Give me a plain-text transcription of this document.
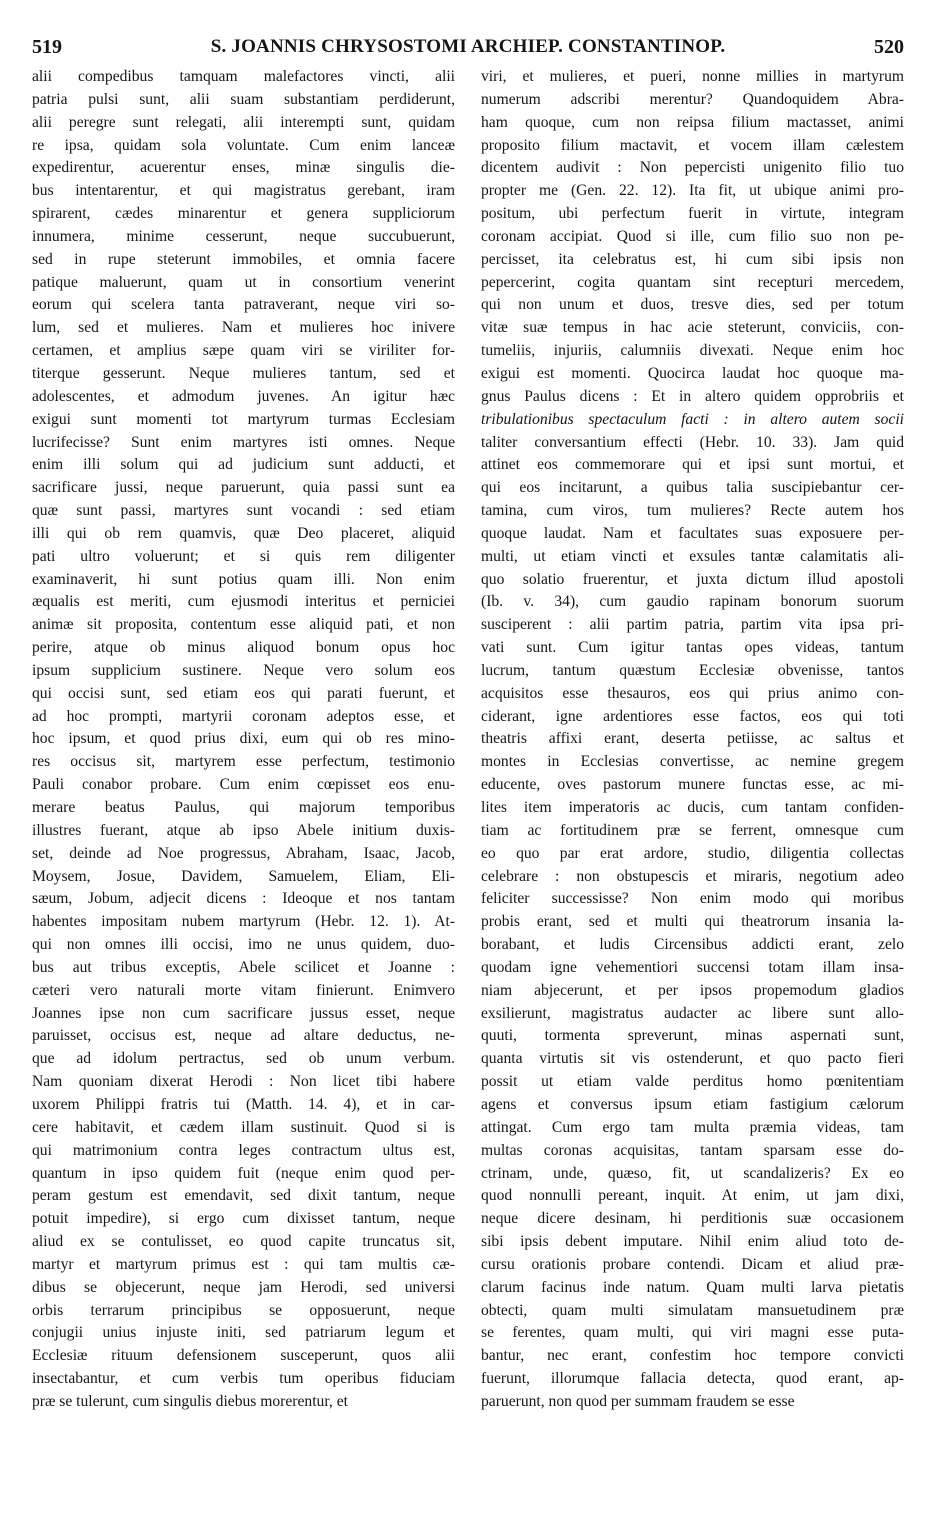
519	S. JOANNIS CHRYSOSTOMI ARCHIEP. CONSTANTINOP.	520
alii compedibus tamquam malefactores vincti, alii
patria pulsi sunt, alii suam substantiam perdiderunt,
alii peregre sunt relegati, alii interempti sunt, quidam
re ipsa, quidam sola voluntate. Cum enim lanceæ
expedirentur, acuerentur enses, minæ singulis die-
bus intentarentur, et qui magistratus gerebant, iram
spirarent, cædes minarentur et genera suppliciorum
innumera, minime cesserunt, neque succubuerunt,
sed in rupe steterunt immobiles, et omnia facere
patique maluerunt, quam ut in consortium venerint
eorum qui scelera tanta patraverant, neque viri so-
lum, sed et mulieres. Nam et mulieres hoc inivere
certamen, et amplius sæpe quam viri se viriliter for-
titerque gesserunt. Neque mulieres tantum, sed et
adolescentes, et admodum juvenes. An igitur hæc
exigui sunt momenti tot martyrum turmas Ecclesiam
lucrifecisse? Sunt enim martyres isti omnes. Neque
enim illi solum qui ad judicium sunt adducti, et
sacrificare jussi, neque paruerunt, quia passi sunt ea
quæ sunt passi, martyres sunt vocandi : sed etiam
illi qui ob rem quamvis, quæ Deo placeret, aliquid
pati ultro voluerunt; et si quis rem diligenter
examinaverit, hi sunt potius quam illi. Non enim
æqualis est meriti, cum ejusmodi interitus et perniciei
animæ sit proposita, contentum esse aliquid pati, et non
perire, atque ob minus aliquod bonum opus hoc
ipsum supplicium sustinere. Neque vero solum eos
qui occisi sunt, sed etiam eos qui parati fuerunt, et
ad hoc prompti, martyrii coronam adeptos esse, et
hoc ipsum, et quod prius dixi, eum qui ob res mino-
res occisus sit, martyrem esse perfectum, testimonio
Pauli conabor probare. Cum enim cœpisset eos enu-
merare beatus Paulus, qui majorum temporibus
illustres fuerant, atque ab ipso Abele initium duxis-
set, deinde ad Noe progressus, Abraham, Isaac, Jacob,
Moysem, Josue, Davidem, Samuelem, Eliam, Eli-
sæum, Jobum, adjecit dicens : Ideoque et nos tantam
habentes impositam nubem martyrum (Hebr. 12. 1). At-
qui non omnes illi occisi, imo ne unus quidem, duo-
bus aut tribus exceptis, Abele scilicet et Joanne :
cæteri vero naturali morte vitam finierunt. Enimvero
Joannes ipse non cum sacrificare jussus esset, neque
paruisset, occisus est, neque ad altare deductus, ne-
que ad idolum pertractus, sed ob unum verbum.
Nam quoniam dixerat Herodi : Non licet tibi habere
uxorem Philippi fratris tui (Matth. 14. 4), et in car-
cere habitavit, et cædem illam sustinuit. Quod si is
qui matrimonium contra leges contractum ultus est,
quantum in ipso quidem fuit (neque enim quod per-
peram gestum est emendavit, sed dixit tantum, neque
potuit impedire), si ergo cum dixisset tantum, neque
aliud ex se contulisset, eo quod capite truncatus sit,
martyr et martyrum primus est : qui tam multis cæ-
dibus se objecerunt, neque jam Herodi, sed universi
orbis terrarum principibus se opposuerunt, neque
conjugii unius injuste initi, sed patriarum legum et
Ecclesiæ rituum defensionem susceperunt, quos alii
insectabantur, et cum verbis tum operibus fiduciam
præ se tulerunt, cum singulis diebus morerentur, et
viri, et mulieres, et pueri, nonne millies in martyrum
numerum adscribi merentur? Quandoquidem Abra-
ham quoque, cum non reipsa filium mactasset, animi
proposito filium mactavit, et vocem illam cælestem
dicentem audivit : Non pepercisti unigenito filio tuo
propter me (Gen. 22. 12). Ita fit, ut ubique animi pro-
positum, ubi perfectum fuerit in virtute, integram
coronam accipiat. Quod si ille, cum filio suo non pe-
percisset, ita celebratus est, hi cum sibi ipsis non
pepercerint, cogita quantam sint recepturi mercedem,
qui non unum et duos, tresve dies, sed per totum
vitæ suæ tempus in hac acie steterunt, conviciis, con-
tumeliis, injuriis, calumniis divexati. Neque enim hoc
exigui est momenti. Quocirca laudat hoc quoque ma-
gnus Paulus dicens : Et in altero quidem opprobriis et
tribulationibus spectaculum facti : in altero autem socii
taliter conversantium effecti (Hebr. 10. 33). Jam quid
attinet eos commemorare qui et ipsi sunt mortui, et
qui eos incitarunt, a quibus talia suscipiebantur cer-
tamina, cum viros, tum mulieres? Recte autem hos
quoque laudat. Nam et facultates suas exposuere per-
multi, ut etiam vincti et exsules tantæ calamitatis ali-
quo solatio fruerentur, et juxta dictum illud apostoli
(Ib. v. 34), cum gaudio rapinam bonorum suorum
susciperent : alii partim patria, partim vita ipsa pri-
vati sunt. Cum igitur tantas opes videas, tantum
lucrum, tantum quæstum Ecclesiæ obvenisse, tantos
acquisitos esse thesauros, eos qui prius animo con-
ciderant, igne ardentiores esse factos, eos qui toti
theatris affixi erant, deserta petiisse, ac saltus et
montes in Ecclesias convertisse, ac nemine gregem
educente, oves pastorum munere functas esse, ac mi-
lites item imperatoris ac ducis, cum tantam confiden-
tiam ac fortitudinem præ se ferrent, omnesque cum
eo quo par erat ardore, studio, diligentia collectas
celebrare : non obstupescis et miraris, negotium adeo
feliciter successisse? Non enim modo qui moribus
probis erant, sed et multi qui theatrorum insania la-
borabant, et ludis Circensibus addicti erant, zelo
quodam igne vehementiori succensi totam illam insa-
niam abjecerunt, et per ipsos propemodum gladios
exsilierunt, magistratus audacter ac libere sunt allo-
quuti, tormenta spreverunt, minas aspernati sunt,
quanta virtutis sit vis ostenderunt, et quo pacto fieri
possit ut etiam valde perditus homo pœnitentiam
agens et conversus ipsum etiam fastigium cælorum
attingat. Cum ergo tam multa præmia videas, tam
multas coronas acquisitas, tantam sparsam esse do-
ctrinam, unde, quæso, fit, ut scandalizeris? Ex eo
quod nonnulli pereant, inquit. At enim, ut jam dixi,
neque dicere desinam, hi perditionis suæ occasionem
sibi ipsis debent imputare. Nihil enim aliud toto de-
cursu orationis probare contendi. Dicam et aliud præ-
clarum facinus inde natum. Quam multi larva pietatis
obtecti, quam multi simulatam mansuetudinem præ
se ferentes, quam multi, qui viri magni esse puta-
bantur, nec erant, confestim hoc tempore convicti
fuerunt, illorumque fallacia detecta, quod erant, ap-
paruerunt, non quod per summam fraudem se esse
